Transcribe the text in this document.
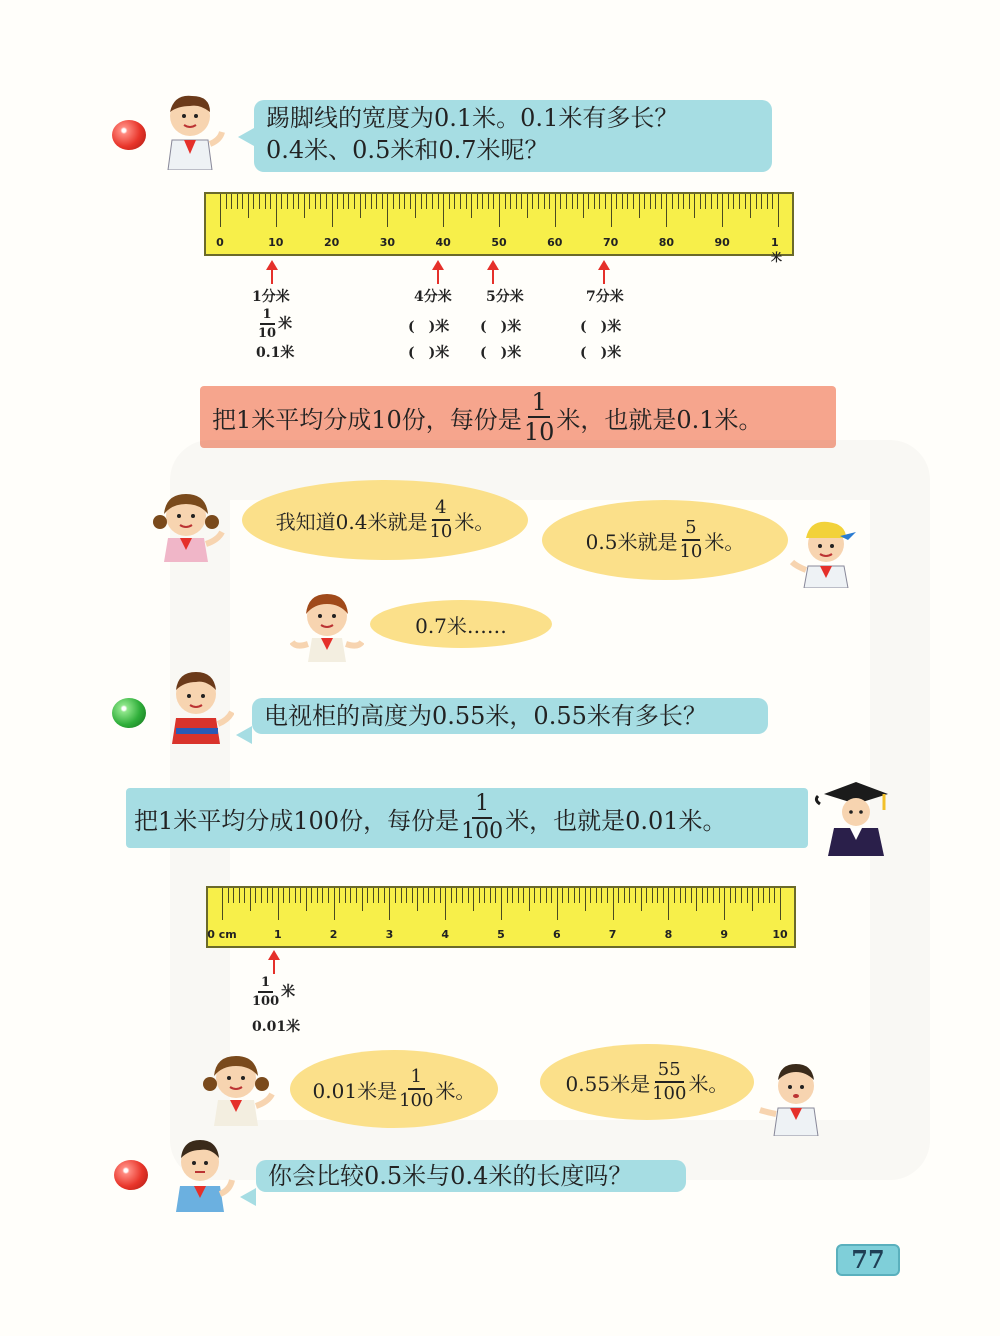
踢脚线的宽度为0.1米。0.1米有多长？
0.4米、0.5米和0.7米呢？
0	10	20	30	40	50	60	70	80	90	1米
1分米
$\frac{1}{10}$ 米
0.1米
4分米
(　)米
(　)米
5分米
(　)米
(　)米
7分米
(　)米
(　)米
把1米平均分成10份，每份是 $\frac{1}{10}$ 米，也就是0.1米。
我知道0.4米就是 $\frac{4}{10}$ 米。
0.5米就是 $\frac{5}{10}$ 米。
0.7米……
电视柜的高度为0.55米，0.55米有多长？
把1米平均分成100份，每份是 $\frac{1}{100}$ 米，也就是0.01米。
0 cm	1	2	3	4	5	6	7	8	9	10
$\frac{1}{100}$ 米
0.01米
0.01米是 $\frac{1}{100}$ 米。	0.55米是 $\frac{55}{100}$ 米。
你会比较0.5米与0.4米的长度吗？
77
